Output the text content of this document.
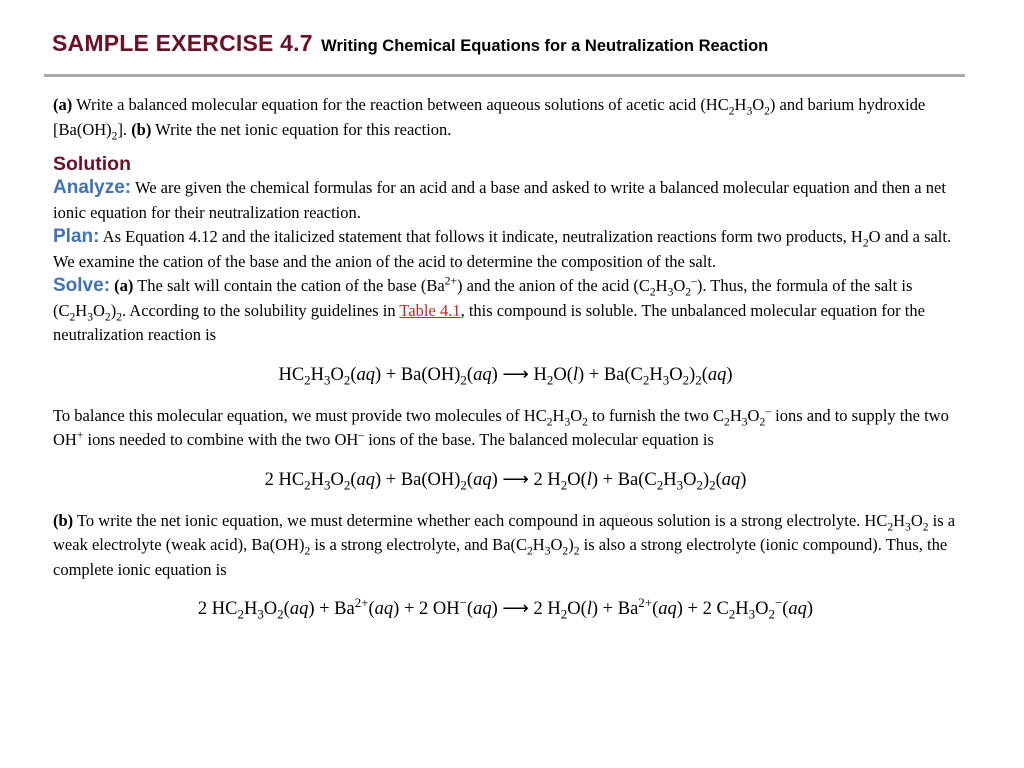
SAMPLE EXERCISE 4.7 Writing Chemical Equations for a Neutralization Reaction

(a) Write a balanced molecular equation for the reaction between aqueous solutions of acetic acid $(HC_2H_3O_2)$ and barium hydroxide $[Ba(OH)_2]$. (b) Write the net ionic equation for this reaction.

Solution

Analyze: We are given the chemical formulas for an acid and a base and asked to write a balanced molecular equation and then a net ionic equation for their neutralization reaction.

Plan: As Equation 4.12 and the italicized statement that follows it indicate, neutralization reactions form two products, $H_2O$ and a salt. We examine the cation of the base and the anion of the acid to determine the composition of the salt.

Solve: (a) The salt will contain the cation of the base $(Ba^{2+})$ and the anion of the acid $(C_2H_3O_2^-)$. Thus, the formula of the salt is $(C_2H_3O_2)_2$. According to the solubility guidelines in Table 4.1, this compound is soluble. The unbalanced molecular equation for the neutralization reaction is

$HC_2H_3O_2(aq) + Ba(OH)_2(aq)$ ⟶ $H_2O(l) + Ba(C_2H_3O_2)_2(aq)$

To balance this molecular equation, we must provide two molecules of $HC_2H_3O_2$ to furnish the two $C_2H_3O_2^-$ ions and to supply the two OH+ ions needed to combine with the two OH– ions of the base. The balanced molecular equation is

2 $HC_2H_3O_2(aq) + Ba(OH)_2(aq)$ ⟶ 2 $H_2O(l) + Ba(C_2H_3O_2)_2(aq)$

(b) To write the net ionic equation, we must determine whether each compound in aqueous solution is a strong electrolyte. $HC_2H_3O_2$ is a weak electrolyte (weak acid), $Ba(OH)_2$ is a strong electrolyte, and $Ba(C_2H_3O_2)_2$ is also a strong electrolyte (ionic compound). Thus, the complete ionic equation is

2 $HC_2H_3O_2(aq) + Ba^{2+}(aq) + 2$ OH−(aq) ⟶ 2 $H_2O(l) + Ba^{2+}(aq) + 2$ $C_2H_3O_2^-(aq)$
